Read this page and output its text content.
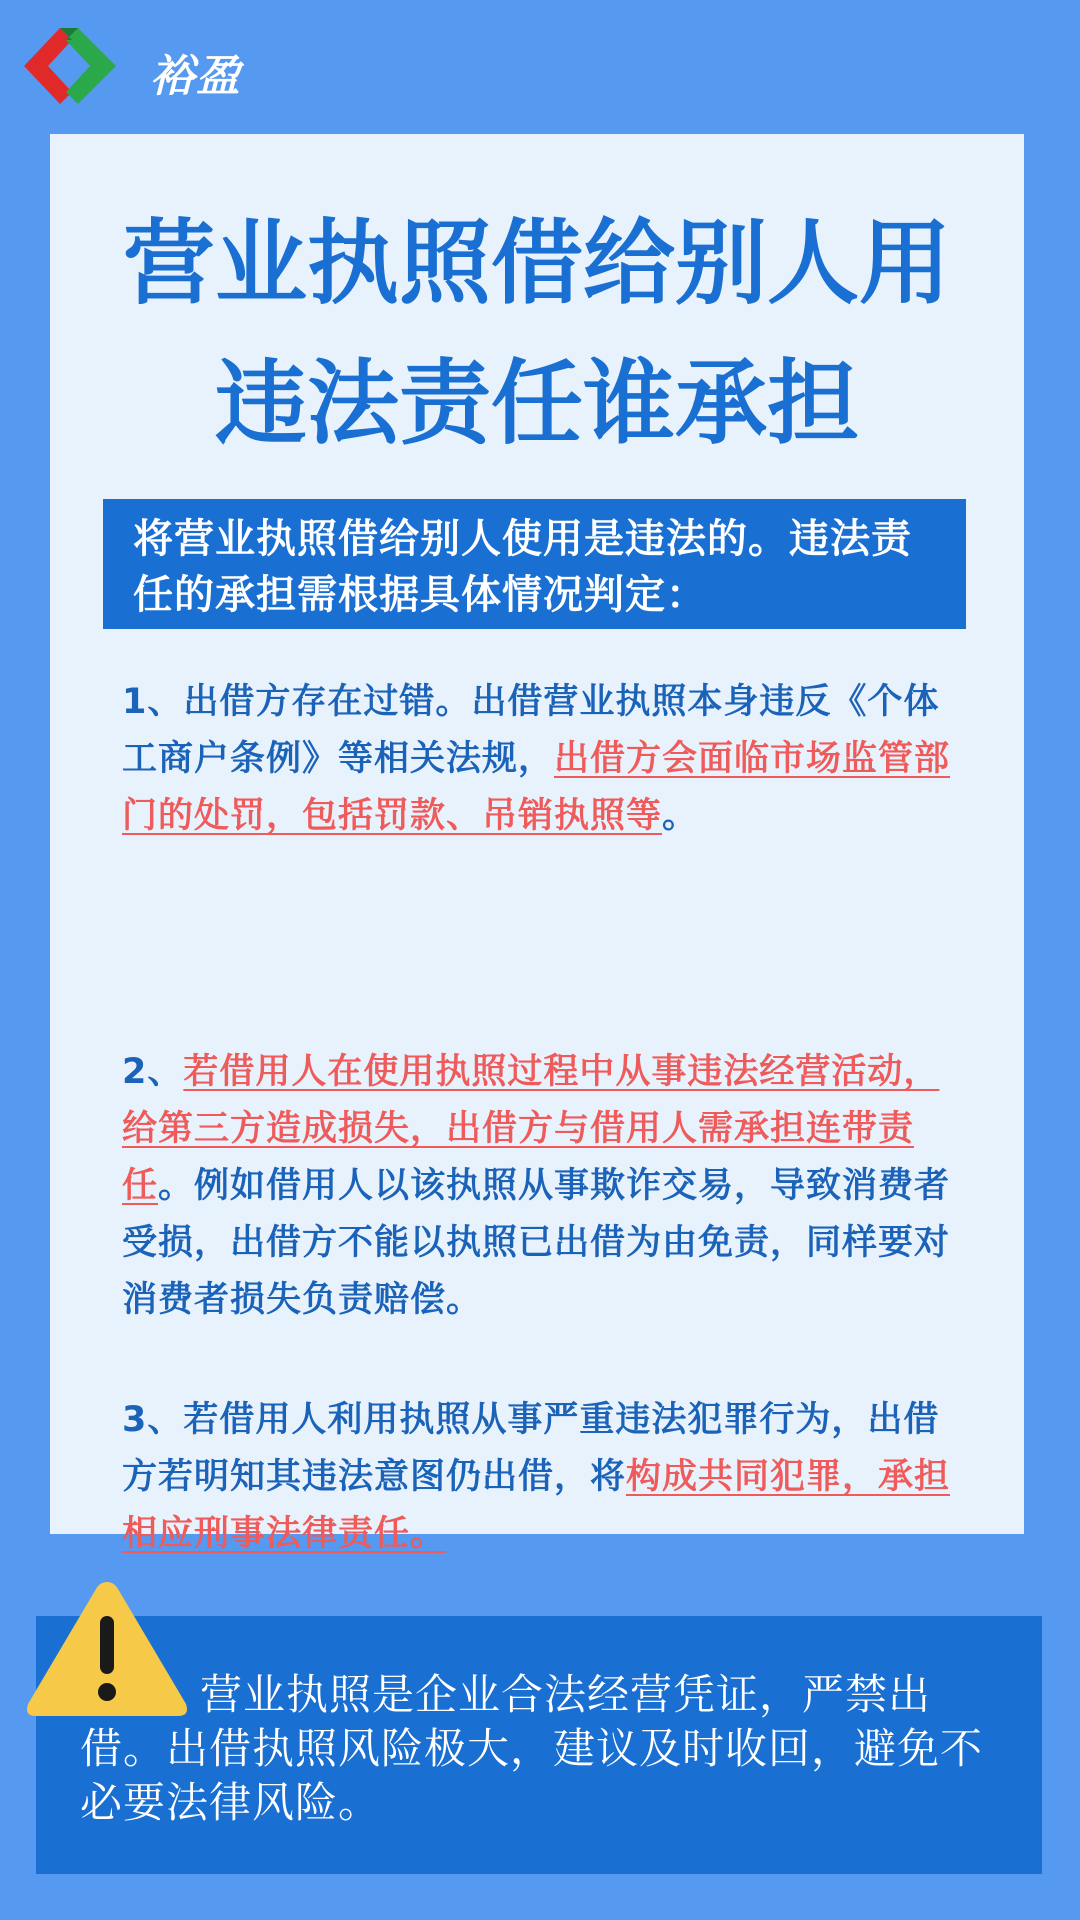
裕盈
营业执照借给别人用
违法责任谁承担
将营业执照借给别人使用是违法的。违法责任的承担需根据具体情况判定：
1、出借方存在过错。出借营业执照本身违反《个体工商户条例》等相关法规，出借方会面临市场监管部门的处罚，包括罚款、吊销执照等。
2、若借用人在使用执照过程中从事违法经营活动，给第三方造成损失，出借方与借用人需承担连带责任。例如借用人以该执照从事欺诈交易，导致消费者受损，出借方不能以执照已出借为由免责，同样要对消费者损失负责赔偿。
3、若借用人利用执照从事严重违法犯罪行为，出借方若明知其违法意图仍出借，将构成共同犯罪，承担相应刑事法律责任。
营业执照是企业合法经营凭证，严禁出借。出借执照风险极大，建议及时收回，避免不必要法律风险。
